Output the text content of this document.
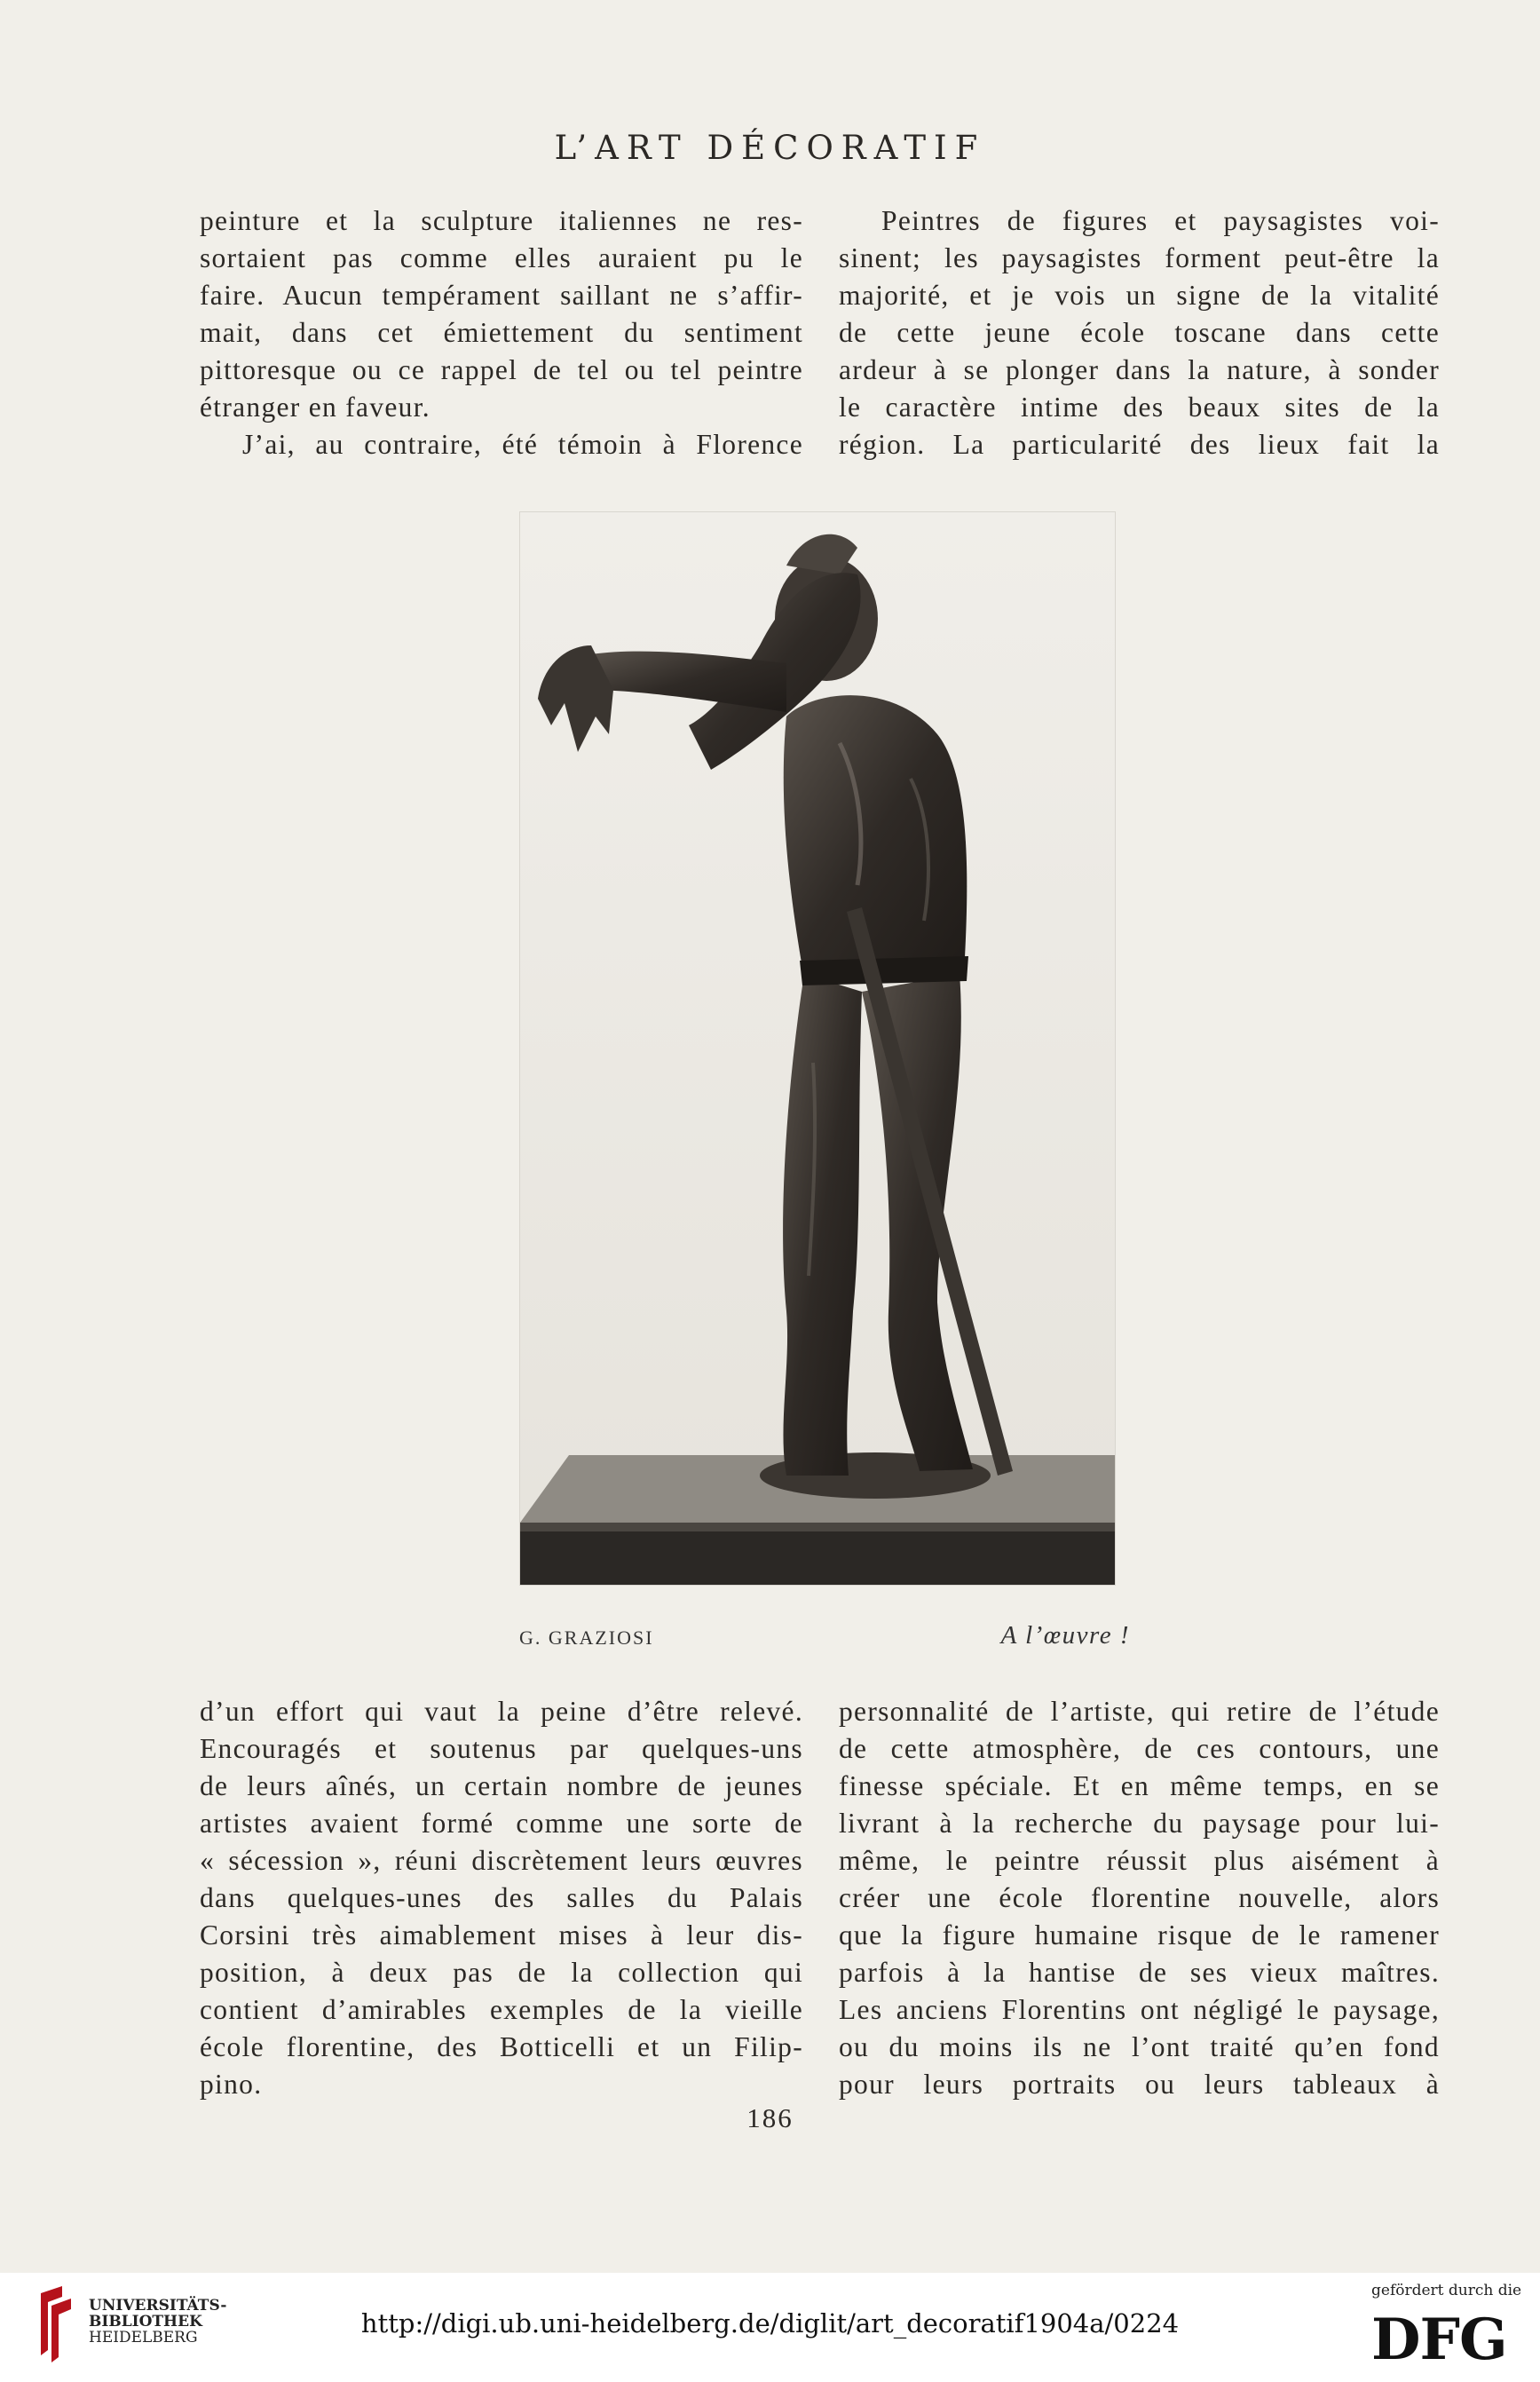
L’ART DÉCORATIF
peinture et la sculpture italiennes ne res-
sortaient pas comme elles auraient pu le
faire. Aucun tempérament saillant ne s’affir-
mait, dans cet émiettement du sentiment
pittoresque ou ce rappel de tel ou tel peintre
étranger en faveur.
J’ai, au contraire, été témoin à Florence
Peintres de figures et paysagistes voi-
sinent; les paysagistes forment peut-être la
majorité, et je vois un signe de la vitalité
de cette jeune école toscane dans cette
ardeur à se plonger dans la nature, à sonder
le caractère intime des beaux sites de la
région. La particularité des lieux fait la
G. GRAZIOSI	A l’œuvre !
d’un effort qui vaut la peine d’être relevé.
Encouragés et soutenus par quelques-uns
de leurs aînés, un certain nombre de jeunes
artistes avaient formé comme une sorte de
« sécession », réuni discrètement leurs œuvres
dans quelques-unes des salles du Palais
Corsini très aimablement mises à leur dis-
position, à deux pas de la collection qui
contient d’amirables exemples de la vieille
école florentine, des Botticelli et un Filip-
pino.
personnalité de l’artiste, qui retire de l’étude
de cette atmosphère, de ces contours, une
finesse spéciale. Et en même temps, en se
livrant à la recherche du paysage pour lui-
même, le peintre réussit plus aisément à
créer une école florentine nouvelle, alors
que la figure humaine risque de le ramener
parfois à la hantise de ses vieux maîtres.
Les anciens Florentins ont négligé le paysage,
ou du moins ils ne l’ont traité qu’en fond
pour leurs portraits ou leurs tableaux à
186
UNIVERSITÄTS-
BIBLIOTHEK
HEIDELBERG	http://digi.ub.uni-heidelberg.de/diglit/art_decoratif1904a/0224
gefördert durch die
DFG
